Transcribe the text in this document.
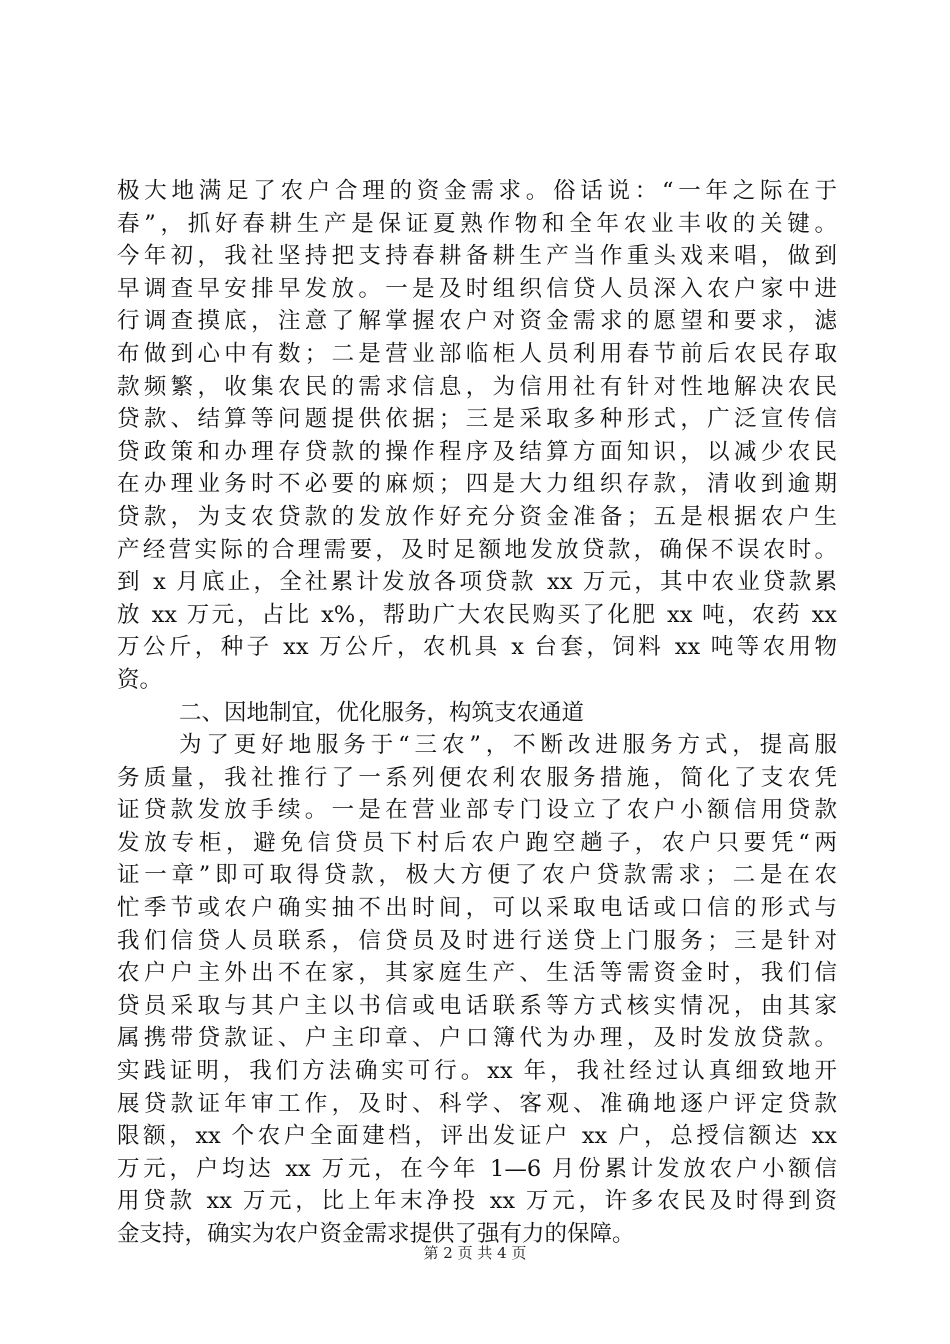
极大地满足了农户合理的资金需求。俗话说：“一年之际在于
春”，抓好春耕生产是保证夏熟作物和全年农业丰收的关键。
今年初，我社坚持把支持春耕备耕生产当作重头戏来唱，做到
早调查早安排早发放。一是及时组织信贷人员深入农户家中进
行调查摸底，注意了解掌握农户对资金需求的愿望和要求，滤
布做到心中有数；二是营业部临柜人员利用春节前后农民存取
款频繁，收集农民的需求信息，为信用社有针对性地解决农民
贷款、结算等问题提供依据；三是采取多种形式，广泛宣传信
贷政策和办理存贷款的操作程序及结算方面知识，以减少农民
在办理业务时不必要的麻烦；四是大力组织存款，清收到逾期
贷款，为支农贷款的发放作好充分资金准备；五是根据农户生
产经营实际的合理需要，及时足额地发放贷款，确保不误农时。
到 x 月底止，全社累计发放各项贷款 xx 万元，其中农业贷款累
放 xx 万元，占比 x%，帮助广大农民购买了化肥 xx 吨，农药 xx
万公斤，种子 xx 万公斤，农机具 x 台套，饲料 xx 吨等农用物
资。
二、因地制宜，优化服务，构筑支农通道
为了更好地服务于“三农”，不断改进服务方式，提高服
务质量，我社推行了一系列便农利农服务措施，简化了支农凭
证贷款发放手续。一是在营业部专门设立了农户小额信用贷款
发放专柜，避免信贷员下村后农户跑空趟子，农户只要凭“两
证一章”即可取得贷款，极大方便了农户贷款需求；二是在农
忙季节或农户确实抽不出时间，可以采取电话或口信的形式与
我们信贷人员联系，信贷员及时进行送贷上门服务；三是针对
农户户主外出不在家，其家庭生产、生活等需资金时，我们信
贷员采取与其户主以书信或电话联系等方式核实情况，由其家
属携带贷款证、户主印章、户口簿代为办理，及时发放贷款。
实践证明，我们方法确实可行。xx 年，我社经过认真细致地开
展贷款证年审工作，及时、科学、客观、准确地逐户评定贷款
限额，xx 个农户全面建档，评出发证户 xx 户，总授信额达 xx
万元，户均达 xx 万元，在今年 1—6 月份累计发放农户小额信
用贷款 xx 万元，比上年末净投 xx 万元，许多农民及时得到资
金支持，确实为农户资金需求提供了强有力的保障。
第 2 页 共 4 页
